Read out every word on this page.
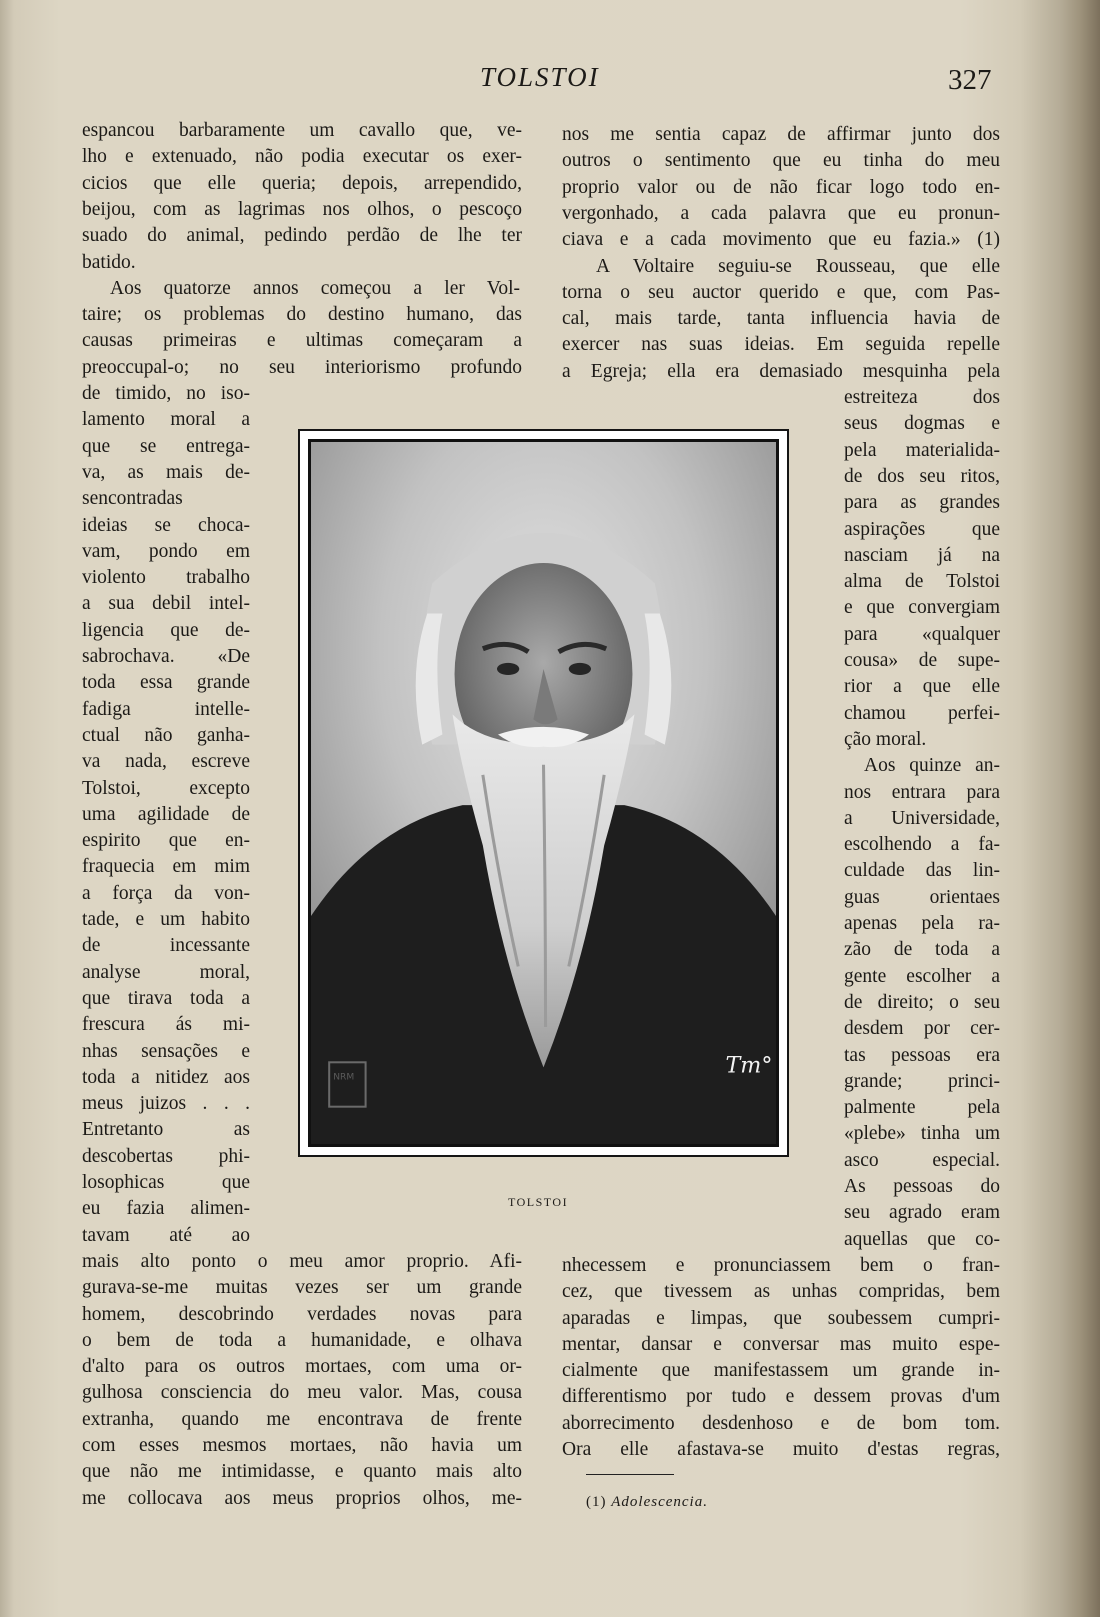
TOLSTOI	327
espancou barbaramente um cavallo que, ve-
lho e extenuado, não podia executar os exer-
cicios que elle queria; depois, arrependido,
beijou, com as lagrimas nos olhos, o pescoço
suado do animal, pedindo perdão de lhe ter
batido.
Aos quatorze annos começou a ler Vol-
taire; os problemas do destino humano, das
causas primeiras e ultimas começaram a
preoccupal-o; no seu interiorismo profundo
de timido, no iso-
lamento moral a
que se entrega-
va, as mais de-
sencontradas
ideias se choca-
vam, pondo em
violento trabalho
a sua debil intel-
ligencia que de-
sabrochava. «De
toda essa grande
fadiga intelle-
ctual não ganha-
va nada, escreve
Tolstoi, excepto
uma agilidade de
espirito que en-
fraquecia em mim
a força da von-
tade, e um habito
de incessante
analyse moral,
que tirava toda a
frescura ás mi-
nhas sensações e
toda a nitidez aos
meus juizos . . .
Entretanto as
descobertas phi-
losophicas que
eu fazia alimen-
tavam até ao
mais alto ponto o meu amor proprio. Afi-
gurava-se-me muitas vezes ser um grande
homem, descobrindo verdades novas para
o bem de toda a humanidade, e olhava
d'alto para os outros mortaes, com uma or-
gulhosa consciencia do meu valor. Mas, cousa
extranha, quando me encontrava de frente
com esses mesmos mortaes, não havia um
que não me intimidasse, e quanto mais alto
me collocava aos meus proprios olhos, me-
nos me sentia capaz de affirmar junto dos
outros o sentimento que eu tinha do meu
proprio valor ou de não ficar logo todo en-
vergonhado, a cada palavra que eu pronun-
ciava e a cada movimento que eu fazia.» (1)
A Voltaire seguiu-se Rousseau, que elle
torna o seu auctor querido e que, com Pas-
cal, mais tarde, tanta influencia havia de
exercer nas suas ideias. Em seguida repelle
a Egreja; ella era demasiado mesquinha pela
estreiteza dos
seus dogmas e
pela materialida-
de dos seu ritos,
para as grandes
aspirações que
nasciam já na
alma de Tolstoi
e que convergiam
para «qualquer
cousa» de supe-
rior a que elle
chamou perfei-
ção moral.
Aos quinze an-
nos entrara para
a Universidade,
escolhendo a fa-
culdade das lin-
guas orientaes
apenas pela ra-
zão de toda a
gente escolher a
de direito; o seu
desdem por cer-
tas pessoas era
grande; princi-
palmente pela
«plebe» tinha um
asco especial.
As pessoas do
seu agrado eram
aquellas que co-
nhecessem e pronunciassem bem o fran-
cez, que tivessem as unhas compridas, bem
aparadas e limpas, que soubessem cumpri-
mentar, dansar e conversar mas muito espe-
cialmente que manifestassem um grande in-
differentismo por tudo e dessem provas d'um
aborrecimento desdenhoso e de bom tom.
Ora elle afastava-se muito d'estas regras,
Tm°
NRM
TOLSTOI
(1) Adolescencia.
